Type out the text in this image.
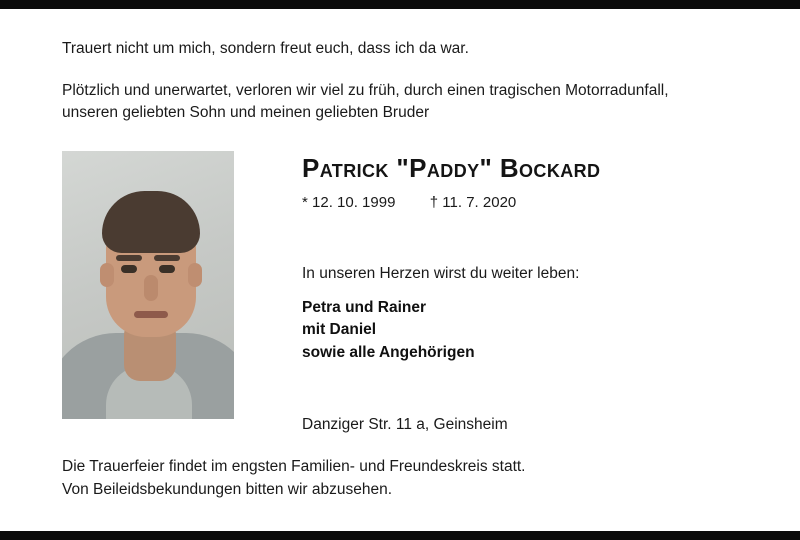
Trauert nicht um mich, sondern freut euch, dass ich da war.

Plötzlich und unerwartet, verloren wir viel zu früh, durch einen tragischen Motorradunfall,
unseren geliebten Sohn und meinen geliebten Bruder

Patrick "Paddy" Bockard

* 12. 10. 1999 † 11. 7. 2020

In unseren Herzen wirst du weiter leben:

Petra und Rainer
mit Daniel
sowie alle Angehörigen

Danziger Str. 11 a, Geinsheim

Die Trauerfeier findet im engsten Familien- und Freundeskreis statt.
Von Beileidsbekundungen bitten wir abzusehen.
